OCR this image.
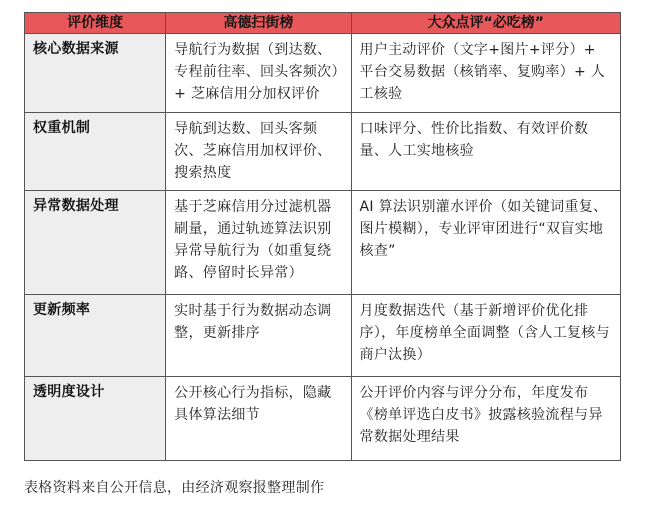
评价维度	高德扫街榜	大众点评“必吃榜”
核心数据来源	导航行为数据（到达数、专程前往率、回头客频次）+ 芝麻信用分加权评价	用户主动评价（文字+图片+评分）+ 平台交易数据（核销率、复购率）+ 人工核验
权重机制	导航到达数、回头客频次、芝麻信用加权评价、搜索热度	口味评分、性价比指数、有效评价数量、人工实地核验
异常数据处理	基于芝麻信用分过滤机器刷量，通过轨迹算法识别异常导航行为（如重复绕路、停留时长异常）	AI 算法识别灌水评价（如关键词重复、图片模糊），专业评审团进行“双盲实地核查”
更新频率	实时基于行为数据动态调整，更新排序	月度数据迭代（基于新增评价优化排序），年度榜单全面调整（含人工复核与商户汰换）
透明度设计	公开核心行为指标，隐藏具体算法细节	公开评价内容与评分分布，年度发布《榜单评选白皮书》披露核验流程与异常数据处理结果
表格资料来自公开信息，由经济观察报整理制作
